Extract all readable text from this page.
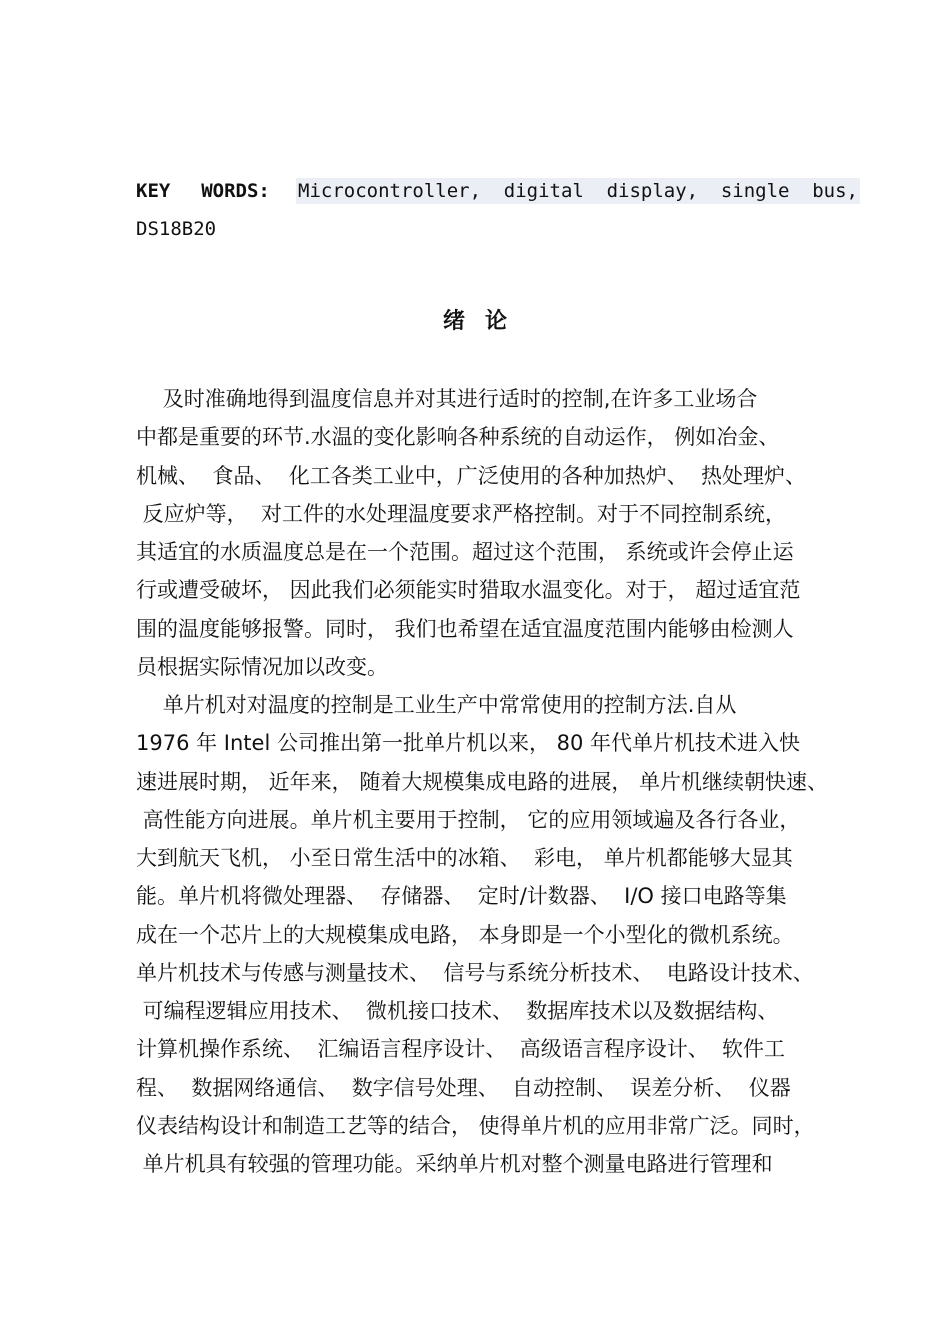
KEY  WORDS: Microcontroller, digital display, single bus,
DS18B20
绪论
及时准确地得到温度信息并对其进行适时的控制,在许多工业场合
中都是重要的环节.水温的变化影响各种系统的自动运作， 例如冶金、
机械、  食品、  化工各类工业中，广泛使用的各种加热炉、  热处理炉、
反应炉等，  对工件的水处理温度要求严格控制。对于不同控制系统，
其适宜的水质温度总是在一个范围。超过这个范围， 系统或许会停止运
行或遭受破坏， 因此我们必须能实时猎取水温变化。对于， 超过适宜范
围的温度能够报警。同时， 我们也希望在适宜温度范围内能够由检测人
员根据实际情况加以改变。
单片机对对温度的控制是工业生产中常常使用的控制方法.自从
1976 年 Intel 公司推出第一批单片机以来， 80 年代单片机技术进入快
速进展时期， 近年来， 随着大规模集成电路的进展， 单片机继续朝快速、
高性能方向进展。单片机主要用于控制， 它的应用领域遍及各行各业，
大到航天飞机， 小至日常生活中的冰箱、  彩电， 单片机都能够大显其
能。单片机将微处理器、  存储器、  定时/计数器、  I/O 接口电路等集
成在一个芯片上的大规模集成电路， 本身即是一个小型化的微机系统。
单片机技术与传感与测量技术、  信号与系统分析技术、  电路设计技术、
可编程逻辑应用技术、  微机接口技术、  数据库技术以及数据结构、
计算机操作系统、  汇编语言程序设计、  高级语言程序设计、  软件工
程、  数据网络通信、  数字信号处理、  自动控制、  误差分析、  仪器
仪表结构设计和制造工艺等的结合， 使得单片机的应用非常广泛。同时，
单片机具有较强的管理功能。采纳单片机对整个测量电路进行管理和
